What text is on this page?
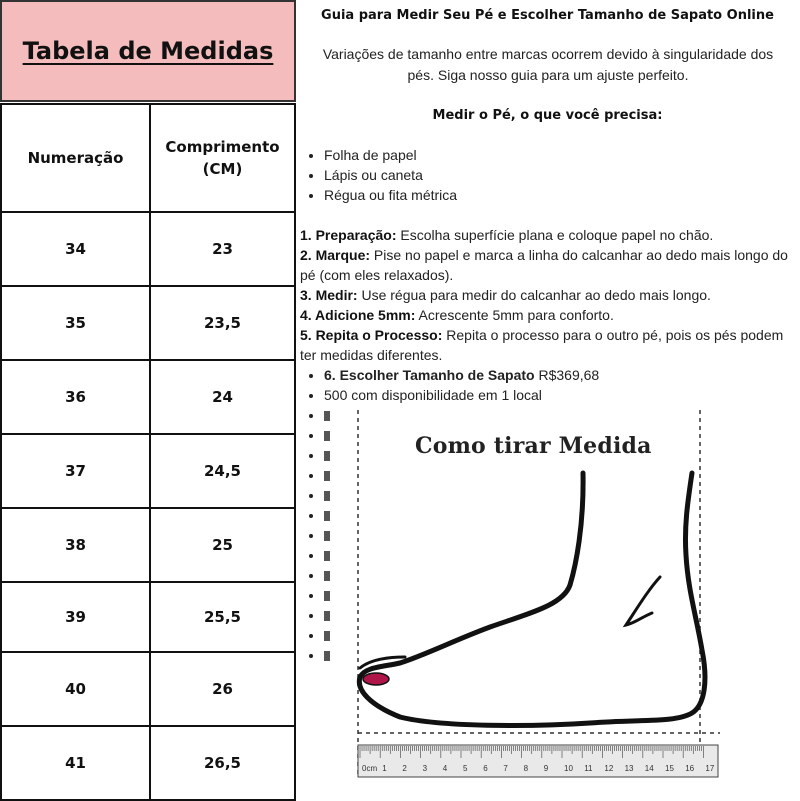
Tabela de Medidas
Numeração	Comprimento (CM)
34	23
35	23,5
36	24
37	24,5
38	25
39	25,5
40	26
41	26,5
Guia para Medir Seu Pé e Escolher Tamanho de Sapato Online
Variações de tamanho entre marcas ocorrem devido à singularidade dos pés. Siga nosso guia para um ajuste perfeito.
Medir o Pé, o que você precisa:
• Folha de papel
• Lápis ou caneta
• Régua ou fita métrica

1. Preparação: Escolha superfície plana e coloque papel no chão.

2. Marque: Pise no papel e marca a linha do calcanhar ao dedo mais longo do pé (com eles relaxados).

3. Medir: Use régua para medir do calcanhar ao dedo mais longo.

4. Adicione 5mm: Acrescente 5mm para conforto.

5. Repita o Processo: Repita o processo para o outro pé, pois os pés podem ter medidas diferentes.

• 6. Escolher Tamanho de Sapato R$369,68
• 500 com disponibilidade em 1 local
•
•
•
•
•
•
•
•
•
•
•
•
•
Como tirar Medida
0cm 1 2 3 4 5 6 7 8 9 10 11 12 13 14 15 16 17
